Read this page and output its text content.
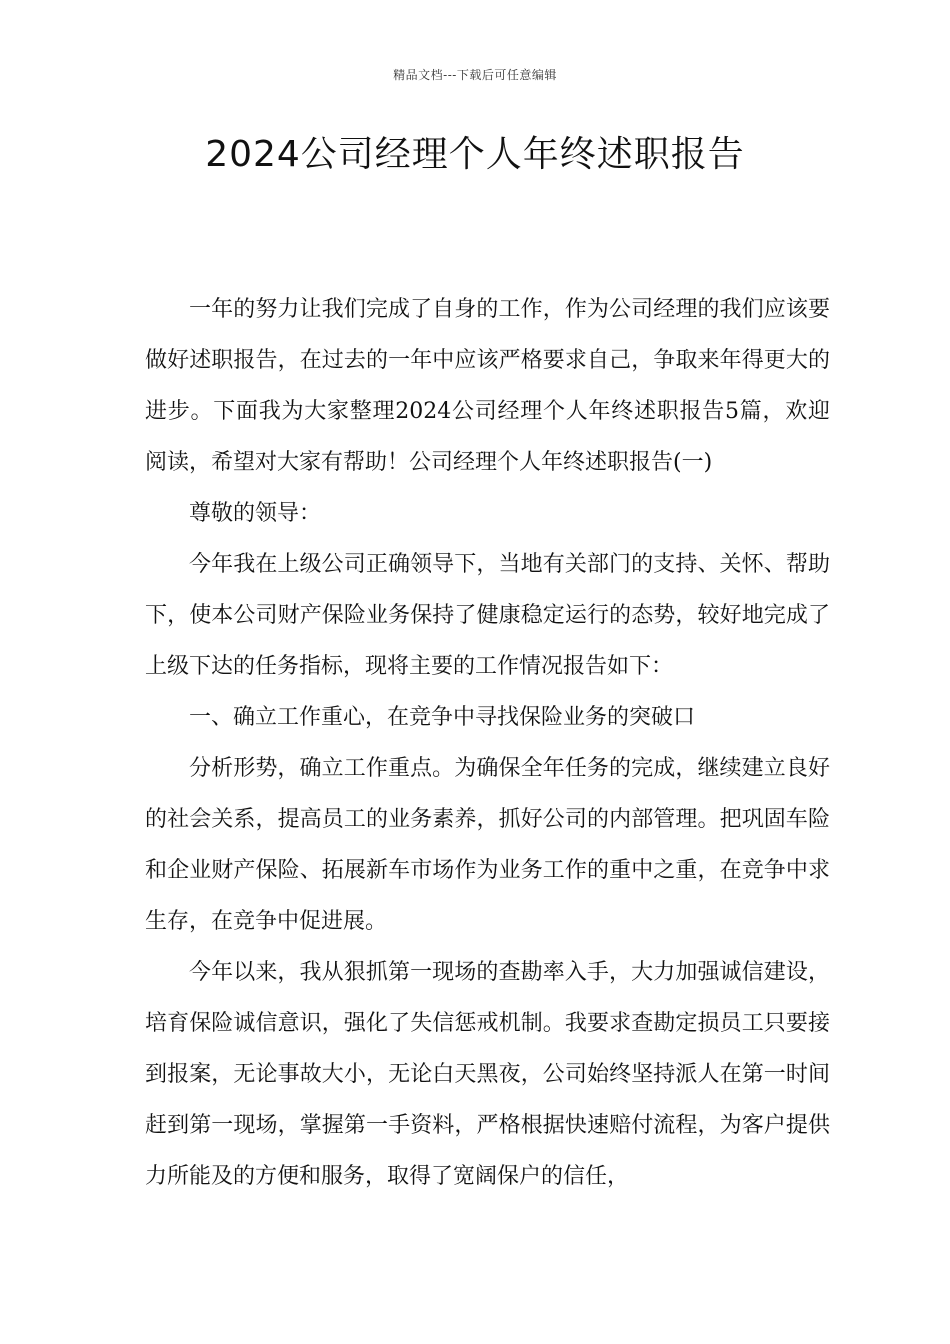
精品文档---下载后可任意编辑
2024公司经理个人年终述职报告

一年的努力让我们完成了自身的工作，作为公司经理的我们应该要做好述职报告，在过去的一年中应该严格要求自己，争取来年得更大的进步。下面我为大家整理2024公司经理个人年终述职报告5篇，欢迎阅读，希望对大家有帮助！公司经理个人年终述职报告(一)

尊敬的领导：

今年我在上级公司正确领导下，当地有关部门的支持、关怀、帮助下，使本公司财产保险业务保持了健康稳定运行的态势，较好地完成了上级下达的任务指标，现将主要的工作情况报告如下：

一、确立工作重心，在竞争中寻找保险业务的突破口

分析形势，确立工作重点。为确保全年任务的完成，继续建立良好的社会关系，提高员工的业务素养，抓好公司的内部管理。把巩固车险和企业财产保险、拓展新车市场作为业务工作的重中之重，在竞争中求生存，在竞争中促进展。

今年以来，我从狠抓第一现场的查勘率入手，大力加强诚信建设，培育保险诚信意识，强化了失信惩戒机制。我要求查勘定损员工只要接到报案，无论事故大小，无论白天黑夜，公司始终坚持派人在第一时间赶到第一现场，掌握第一手资料，严格根据快速赔付流程，为客户提供力所能及的方便和服务，取得了宽阔保户的信任，
